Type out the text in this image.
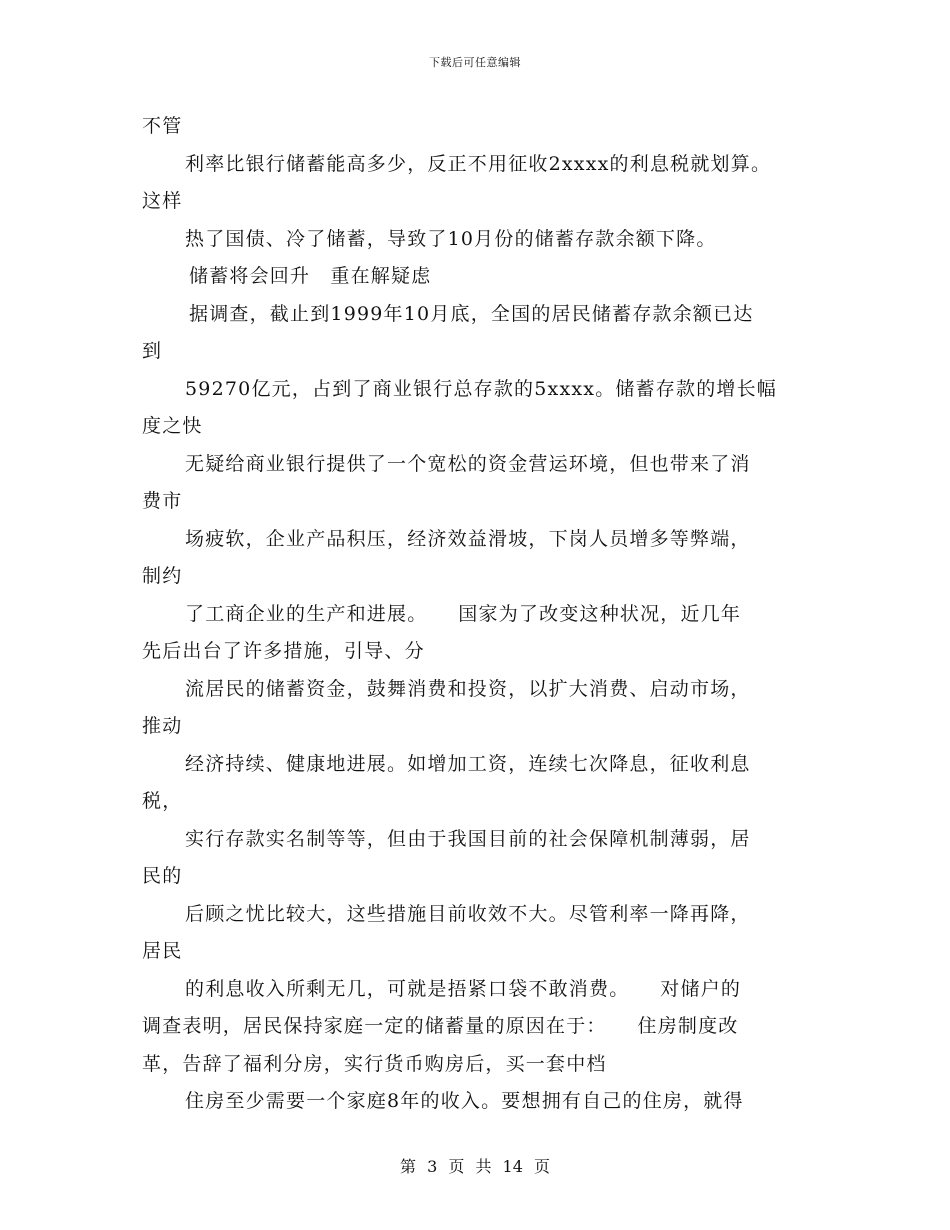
下载后可任意编辑
不管
利率比银行储蓄能高多少，反正不用征收2xxxx的利息税就划算。
这样
热了国债、冷了储蓄，导致了10月份的储蓄存款余额下降。
储蓄将会回升　重在解疑虑
据调查，截止到1999年10月底，全国的居民储蓄存款余额已达
到
59270亿元，占到了商业银行总存款的5xxxx。储蓄存款的增长幅
度之快
无疑给商业银行提供了一个宽松的资金营运环境，但也带来了消
费市
场疲软，企业产品积压，经济效益滑坡，下岗人员增多等弊端，
制约
了工商企业的生产和进展。　　国家为了改变这种状况，近几年
先后出台了许多措施，引导、分
流居民的储蓄资金，鼓舞消费和投资，以扩大消费、启动市场，
推动
经济持续、健康地进展。如增加工资，连续七次降息，征收利息
税，
实行存款实名制等等，但由于我国目前的社会保障机制薄弱，居
民的
后顾之忧比较大，这些措施目前收效不大。尽管利率一降再降，
居民
的利息收入所剩无几，可就是捂紧口袋不敢消费。　　对储户的
调查表明，居民保持家庭一定的储蓄量的原因在于：　　住房制度改
革，告辞了福利分房，实行货币购房后，买一套中档
住房至少需要一个家庭8年的收入。要想拥有自己的住房，就得
第 3 页 共 14 页
